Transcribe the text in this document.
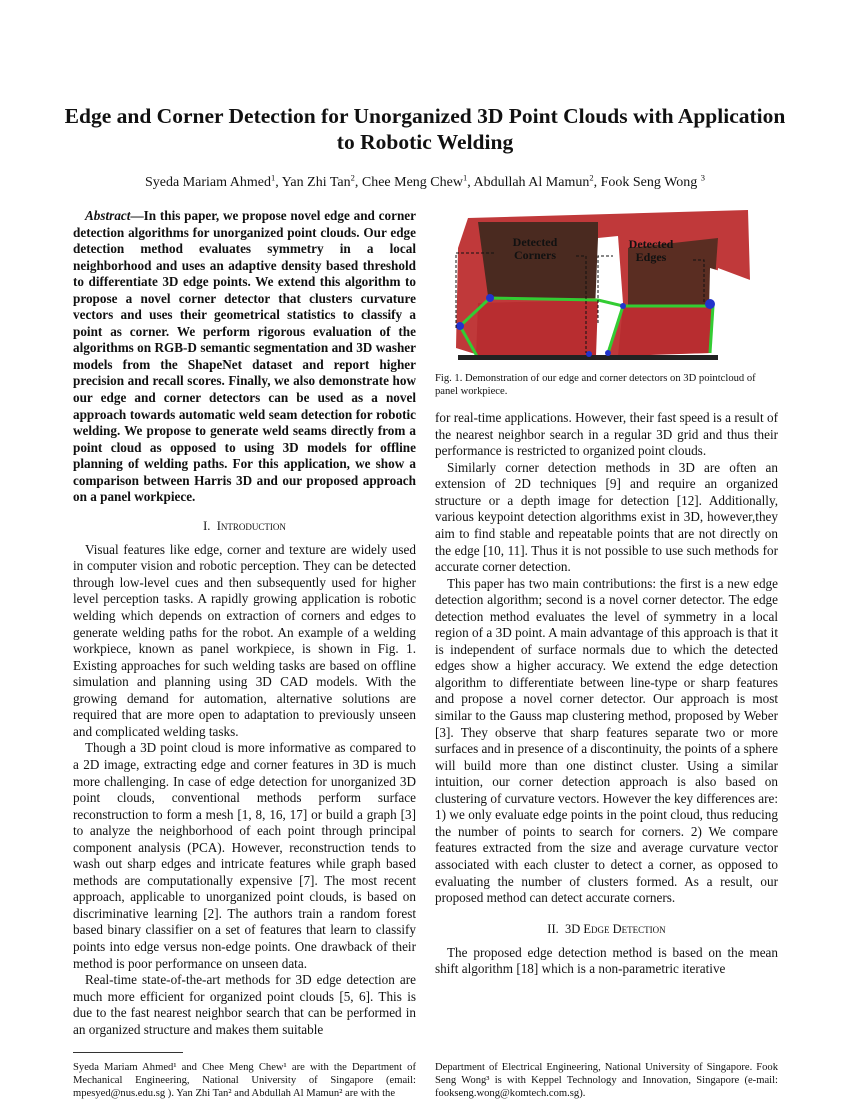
Edge and Corner Detection for Unorganized 3D Point Clouds with Application to Robotic Welding
Syeda Mariam Ahmed$^1$, Yan Zhi Tan$^2$, Chee Meng Chew$^1$, Abdullah Al Mamun$^2$, Fook Seng Wong $^3$

Abstract—In this paper, we propose novel edge and corner detection algorithms for unorganized point clouds. Our edge detection method evaluates symmetry in a local neighborhood and uses an adaptive density based threshold to differentiate 3D edge points. We extend this algorithm to propose a novel corner detector that clusters curvature vectors and uses their geometrical statistics to classify a point as corner. We perform rigorous evaluation of the algorithms on RGB-D semantic segmentation and 3D washer models from the ShapeNet dataset and report higher precision and recall scores. Finally, we also demonstrate how our edge and corner detectors can be used as a novel approach towards automatic weld seam detection for robotic welding. We propose to generate weld seams directly from a point cloud as opposed to using 3D models for offline planning of welding paths. For this application, we show a comparison between Harris 3D and our proposed approach on a panel workpiece.

I. Introduction

Visual features like edge, corner and texture are widely used in computer vision and robotic perception. They can be detected through low-level cues and then subsequently used for higher level perception tasks. A rapidly growing application is robotic welding which depends on extraction of corners and edges to generate welding paths for the robot. An example of a welding workpiece, known as panel workpiece, is shown in Fig. 1. Existing approaches for such welding tasks are based on offline simulation and planning using 3D CAD models. With the growing demand for automation, alternative solutions are required that are more open to adaptation to previously unseen and complicated welding tasks.

Though a 3D point cloud is more informative as compared to a 2D image, extracting edge and corner features in 3D is much more challenging. In case of edge detection for unorganized 3D point clouds, conventional methods perform surface reconstruction to form a mesh [1, 8, 16, 17] or build a graph [3] to analyze the neighborhood of each point through principal component analysis (PCA). However, reconstruction tends to wash out sharp edges and intricate features while graph based methods are computationally expensive [7]. The most recent approach, applicable to unorganized point clouds, is based on discriminative learning [2]. The authors train a random forest based binary classifier on a set of features that learn to classify points into edge versus non-edge points. One drawback of their method is poor performance on unseen data.

Real-time state-of-the-art methods for 3D edge detection are much more efficient for organized point clouds [5, 6]. This is due to the fast nearest neighbor search that can be performed in an organized structure and makes them suitable

Syeda Mariam Ahmed¹ and Chee Meng Chew¹ are with the Department of Mechanical Engineering, National University of Singapore (email: mpesyed@nus.edu.sg ). Yan Zhi Tan² and Abdullah Al Mamun² are with the
Detected Corners
Detected Edges
Fig. 1. Demonstration of our edge and corner detectors on 3D pointcloud of panel workpiece.

for real-time applications. However, their fast speed is a result of the nearest neighbor search in a regular 3D grid and thus their performance is restricted to organized point clouds.

Similarly corner detection methods in 3D are often an extension of 2D techniques [9] and require an organized structure or a depth image for detection [12]. Additionally, various keypoint detection algorithms exist in 3D, however,they aim to find stable and repeatable points that are not directly on the edge [10, 11]. Thus it is not possible to use such methods for accurate corner detection.

This paper has two main contributions: the first is a new edge detection algorithm; second is a novel corner detector. The edge detection method evaluates the level of symmetry in a local region of a 3D point. A main advantage of this approach is that it is independent of surface normals due to which the detected edges show a higher accuracy. We extend the edge detection algorithm to differentiate between line-type or sharp features and propose a novel corner detector. Our approach is most similar to the Gauss map clustering method, proposed by Weber [3]. They observe that sharp features separate two or more surfaces and in presence of a discontinuity, the points of a sphere will build more than one distinct cluster. Using a similar intuition, our corner detection approach is also based on clustering of curvature vectors. However the key differences are: 1) we only evaluate edge points in the point cloud, thus reducing the number of points to search for corners. 2) We compare features extracted from the size and average curvature vector associated with each cluster to detect a corner, as opposed to evaluating the number of clusters formed. As a result, our proposed method can detect accurate corners.

II. 3D Edge Detection

The proposed edge detection method is based on the mean shift algorithm [18] which is a non-parametric iterative

Department of Electrical Engineering, National University of Singapore. Fook Seng Wong³ is with Keppel Technology and Innovation, Singapore (e-mail: fookseng.wong@komtech.com.sg).
